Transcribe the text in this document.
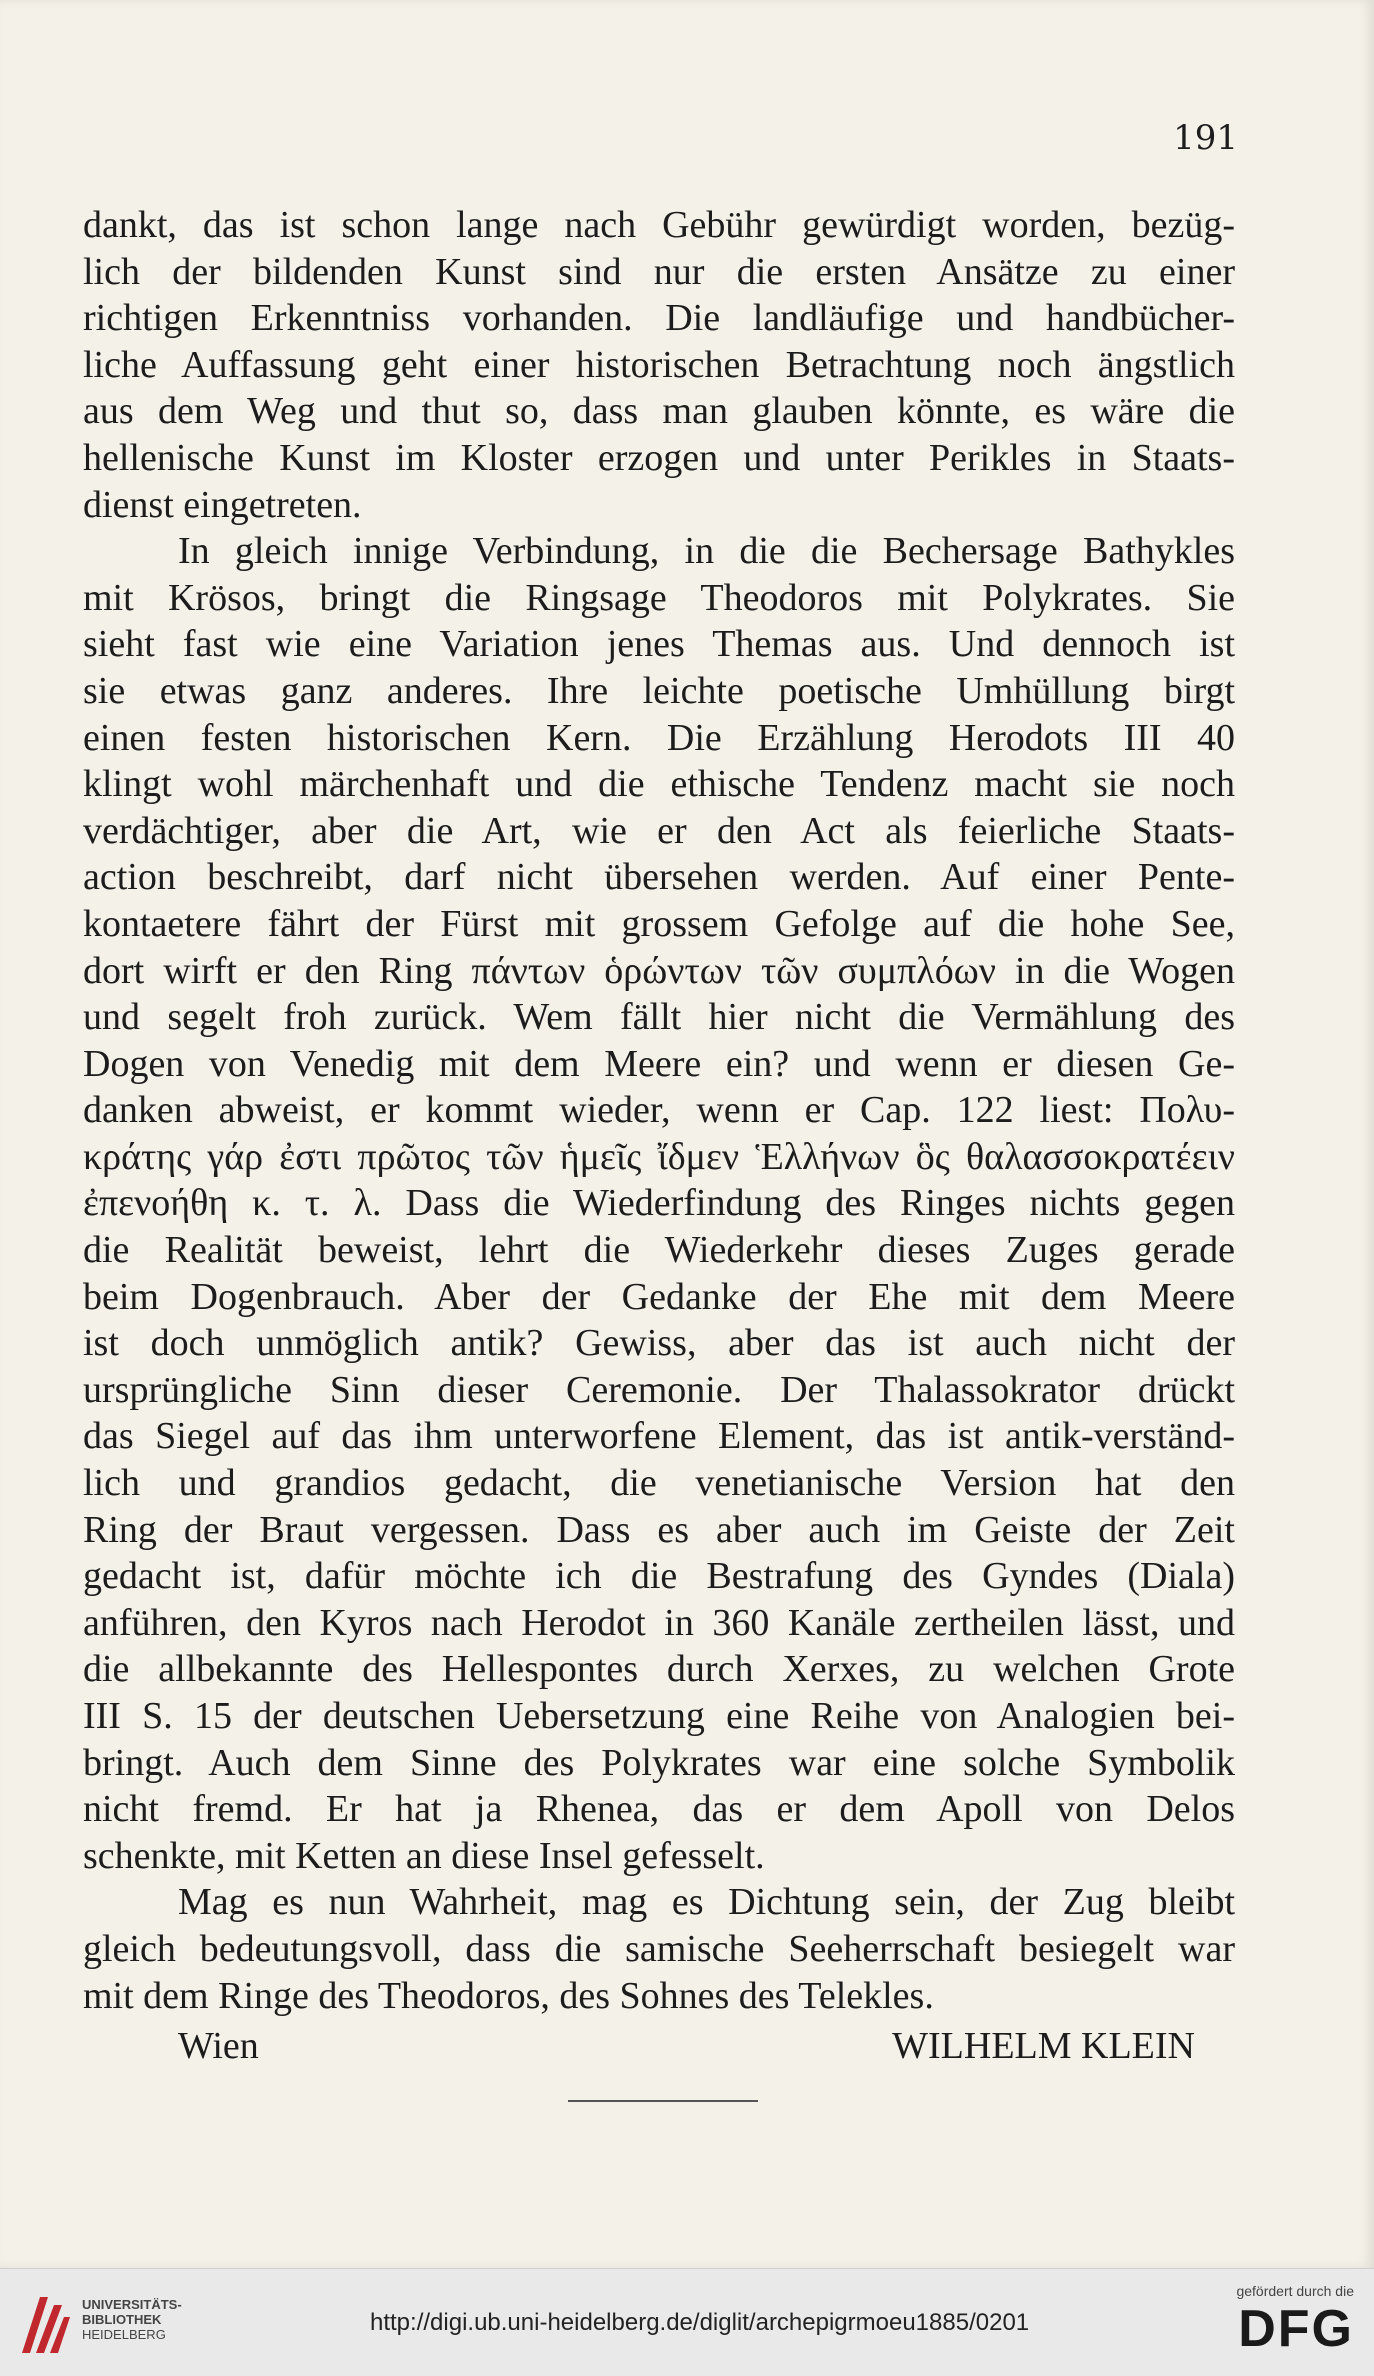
191
dankt, das ist schon lange nach Gebühr gewürdigt worden, bezüg-
lich der bildenden Kunst sind nur die ersten Ansätze zu einer
richtigen Erkenntniss vorhanden. Die landläufige und handbücher-
liche Auffassung geht einer historischen Betrachtung noch ängstlich
aus dem Weg und thut so, dass man glauben könnte, es wäre die
hellenische Kunst im Kloster erzogen und unter Perikles in Staats-
dienst eingetreten.
In gleich innige Verbindung, in die die Bechersage Bathykles
mit Krösos, bringt die Ringsage Theodoros mit Polykrates. Sie
sieht fast wie eine Variation jenes Themas aus. Und dennoch ist
sie etwas ganz anderes. Ihre leichte poetische Umhüllung birgt
einen festen historischen Kern. Die Erzählung Herodots III 40
klingt wohl märchenhaft und die ethische Tendenz macht sie noch
verdächtiger, aber die Art, wie er den Act als feierliche Staats-
action beschreibt, darf nicht übersehen werden. Auf einer Pente-
kontaetere fährt der Fürst mit grossem Gefolge auf die hohe See,
dort wirft er den Ring πάντων ὁρώντων τῶν συμπλόων in die Wogen
und segelt froh zurück. Wem fällt hier nicht die Vermählung des
Dogen von Venedig mit dem Meere ein? und wenn er diesen Ge-
danken abweist, er kommt wieder, wenn er Cap. 122 liest: Πολυ-
κράτης γάρ ἐστι πρῶτος τῶν ἡμεῖς ἴδμεν Ἑλλήνων ὃς θαλασσοκρατέειν
ἐπενοήθη κ. τ. λ. Dass die Wiederfindung des Ringes nichts gegen
die Realität beweist, lehrt die Wiederkehr dieses Zuges gerade
beim Dogenbrauch. Aber der Gedanke der Ehe mit dem Meere
ist doch unmöglich antik? Gewiss, aber das ist auch nicht der
ursprüngliche Sinn dieser Ceremonie. Der Thalassokrator drückt
das Siegel auf das ihm unterworfene Element, das ist antik-verständ-
lich und grandios gedacht, die venetianische Version hat den
Ring der Braut vergessen. Dass es aber auch im Geiste der Zeit
gedacht ist, dafür möchte ich die Bestrafung des Gyndes (Diala)
anführen, den Kyros nach Herodot in 360 Kanäle zertheilen lässt, und
die allbekannte des Hellespontes durch Xerxes, zu welchen Grote
III S. 15 der deutschen Uebersetzung eine Reihe von Analogien bei-
bringt. Auch dem Sinne des Polykrates war eine solche Symbolik
nicht fremd. Er hat ja Rhenea, das er dem Apoll von Delos
schenkte, mit Ketten an diese Insel gefesselt.
Mag es nun Wahrheit, mag es Dichtung sein, der Zug bleibt
gleich bedeutungsvoll, dass die samische Seeherrschaft besiegelt war
mit dem Ringe des Theodoros, des Sohnes des Telekles.
Wien	WILHELM KLEIN
UNIVERSITÄTS-
BIBLIOTHEK
HEIDELBERG	http://digi.ub.uni-heidelberg.de/diglit/archepigrmoeu1885/0201
gefördert durch die
DFG
